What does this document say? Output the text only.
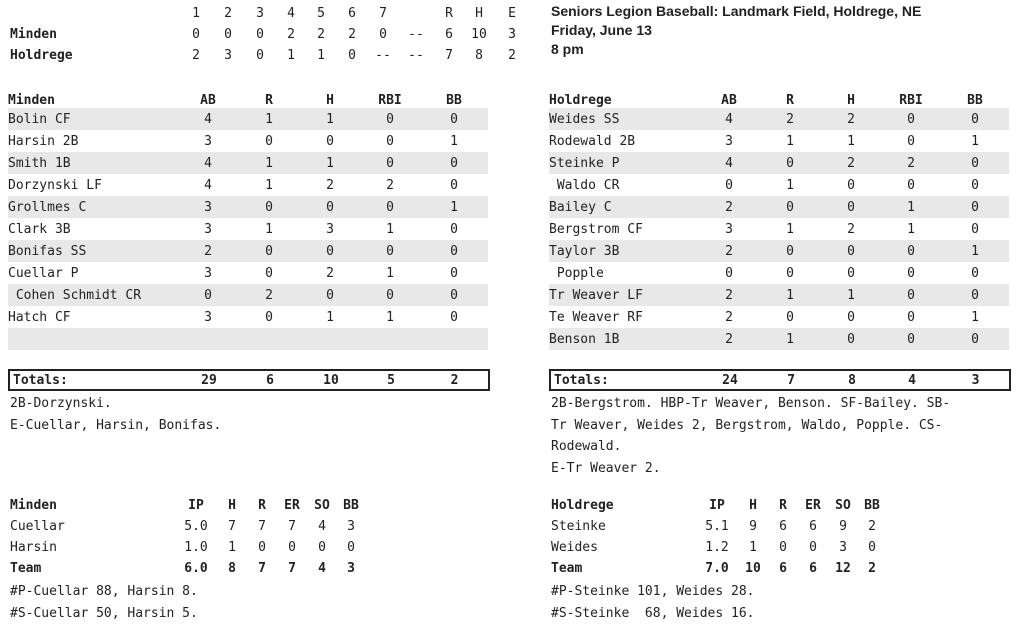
	1	2	3	4	5	6	7		R	H	E
Minden	0	0	0	2	2	2	0	--	6	10	3
Holdrege	2	3	0	1	1	0	--	--	7	8	2
Seniors Legion Baseball: Landmark Field, Holdrege, NE
Friday, June 13
8 pm
Minden	AB	R	H	RBI	BB
Bolin CF	4	1	1	0	0
Harsin 2B	3	0	0	0	1
Smith 1B	4	1	1	0	0
Dorzynski LF	4	1	2	2	0
Grollmes C	3	0	0	0	1
Clark 3B	3	1	3	1	0
Bonifas SS	2	0	0	0	0
Cuellar P	3	0	2	1	0
Cohen Schmidt CR	0	2	0	0	0
Hatch CF	3	0	1	1	0

Totals:	29	6	10	5	2
2B-Dorzynski.
E-Cuellar, Harsin, Bonifas.
Holdrege	AB	R	H	RBI	BB
Weides SS	4	2	2	0	0
Rodewald 2B	3	1	1	0	1
Steinke P	4	0	2	2	0
Waldo CR	0	1	0	0	0
Bailey C	2	0	0	1	0
Bergstrom CF	3	1	2	1	0
Taylor 3B	2	0	0	0	1
Popple	0	0	0	0	0
Tr Weaver LF	2	1	1	0	0
Te Weaver RF	2	0	0	0	1
Benson 1B	2	1	0	0	0
Totals:	24	7	8	4	3
2B-Bergstrom. HBP-Tr Weaver, Benson. SF-Bailey. SB-
Tr Weaver, Weides 2, Bergstrom, Waldo, Popple. CS-
Rodewald.
E-Tr Weaver 2.
Minden	IP	H	R	ER	SO	BB
Cuellar	5.0	7	7	7	4	3
Harsin	1.0	1	0	0	0	0
Team	6.0	8	7	7	4	3
#P-Cuellar 88, Harsin 8.
#S-Cuellar 50, Harsin 5.
Holdrege	IP	H	R	ER	SO	BB
Steinke	5.1	9	6	6	9	2
Weides	1.2	1	0	0	3	0
Team	7.0	10	6	6	12	2
#P-Steinke 101, Weides 28.
#S-Steinke  68, Weides 16.
